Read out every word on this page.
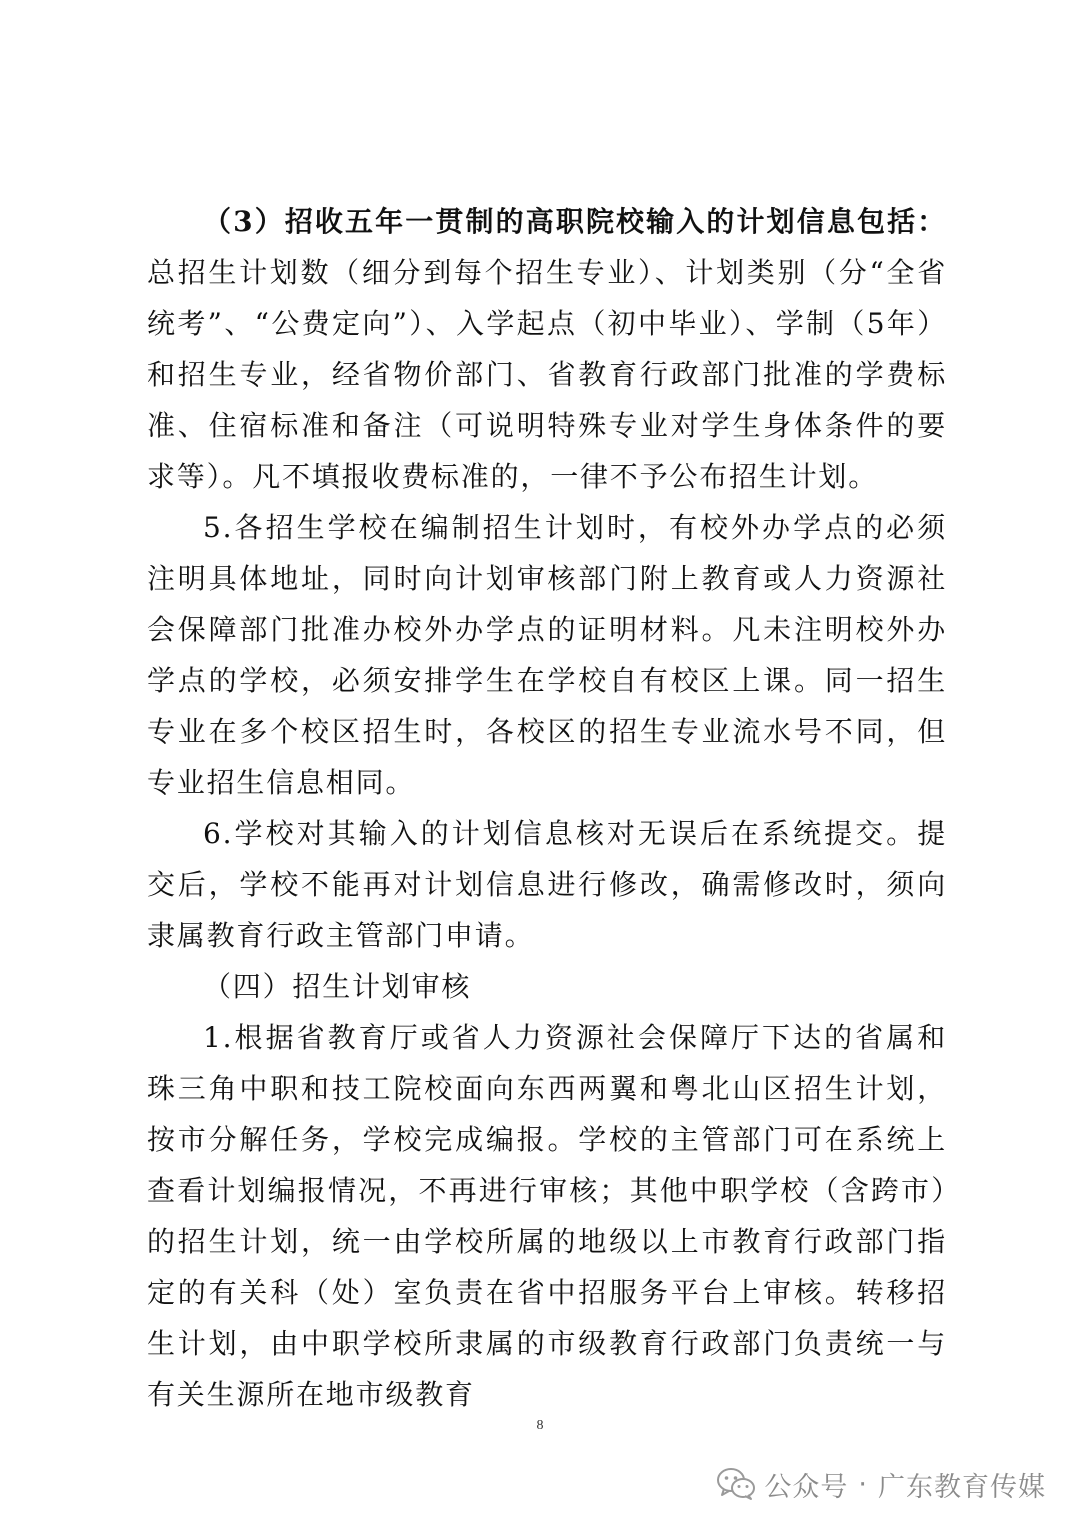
（3）招收五年一贯制的高职院校输入的计划信息包括：总招生计划数（细分到每个招生专业）、计划类别（分“全省统考”、“公费定向”）、入学起点（初中毕业）、学制（5年）和招生专业，经省物价部门、省教育行政部门批准的学费标准、住宿标准和备注（可说明特殊专业对学生身体条件的要求等）。凡不填报收费标准的，一律不予公布招生计划。

5.各招生学校在编制招生计划时，有校外办学点的必须注明具体地址，同时向计划审核部门附上教育或人力资源社会保障部门批准办校外办学点的证明材料。凡未注明校外办学点的学校，必须安排学生在学校自有校区上课。同一招生专业在多个校区招生时，各校区的招生专业流水号不同，但专业招生信息相同。

6.学校对其输入的计划信息核对无误后在系统提交。提交后，学校不能再对计划信息进行修改，确需修改时，须向隶属教育行政主管部门申请。

（四）招生计划审核

1.根据省教育厅或省人力资源社会保障厅下达的省属和珠三角中职和技工院校面向东西两翼和粤北山区招生计划，按市分解任务，学校完成编报。学校的主管部门可在系统上查看计划编报情况，不再进行审核；其他中职学校（含跨市）的招生计划，统一由学校所属的地级以上市教育行政部门指定的有关科（处）室负责在省中招服务平台上审核。转移招生计划，由中职学校所隶属的市级教育行政部门负责统一与有关生源所在地市级教育

8
公众号 · 广东教育传媒
